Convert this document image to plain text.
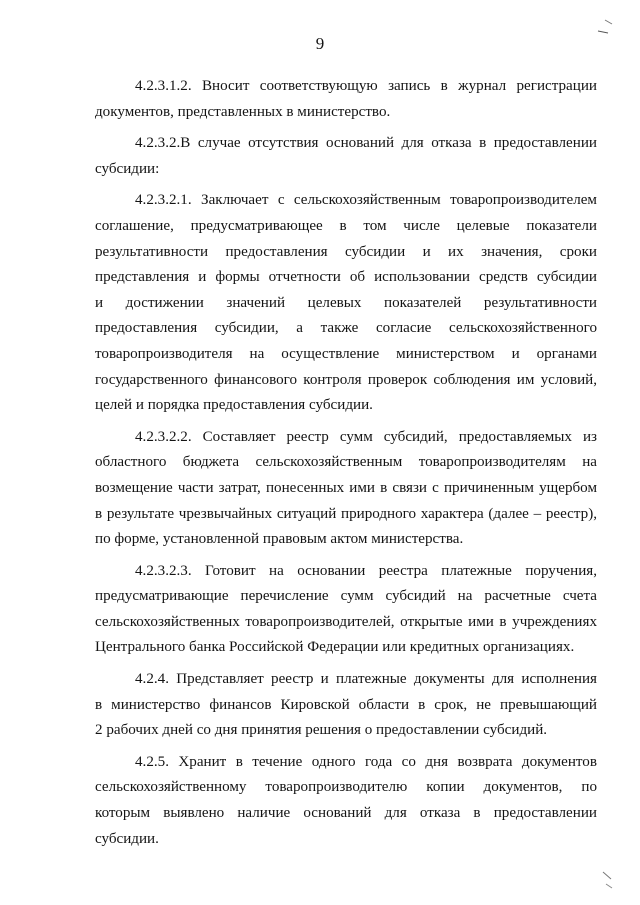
9
4.2.3.1.2. Вносит соответствующую запись в журнал регистрации
документов, представленных в министерство.
4.2.3.2.В случае отсутствия оснований для отказа в предоставлении
субсидии:
4.2.3.2.1. Заключает с сельскохозяйственным товаропроизводителем
соглашение, предусматривающее в том числе целевые показатели
результативности предоставления субсидии и их значения, сроки
представления и формы отчетности об использовании средств субсидии
и достижении значений целевых показателей результативности
предоставления субсидии, а также согласие сельскохозяйственного
товаропроизводителя на осуществление министерством и органами
государственного финансового контроля проверок соблюдения им условий,
целей и порядка предоставления субсидии.
4.2.3.2.2. Составляет реестр сумм субсидий, предоставляемых из
областного бюджета сельскохозяйственным товаропроизводителям на
возмещение части затрат, понесенных ими в связи с причиненным ущербом
в результате чрезвычайных ситуаций природного характера (далее – реестр),
по форме, установленной правовым актом министерства.
4.2.3.2.3. Готовит на основании реестра платежные поручения,
предусматривающие перечисление сумм субсидий на расчетные счета
сельскохозяйственных товаропроизводителей, открытые ими в учреждениях
Центрального банка Российской Федерации или кредитных организациях.
4.2.4. Представляет реестр и платежные документы для исполнения
в министерство финансов Кировской области в срок, не превышающий
2 рабочих дней со дня принятия решения о предоставлении субсидий.
4.2.5. Хранит в течение одного года со дня возврата документов
сельскохозяйственному товаропроизводителю копии документов, по
которым выявлено наличие оснований для отказа в предоставлении
субсидии.
